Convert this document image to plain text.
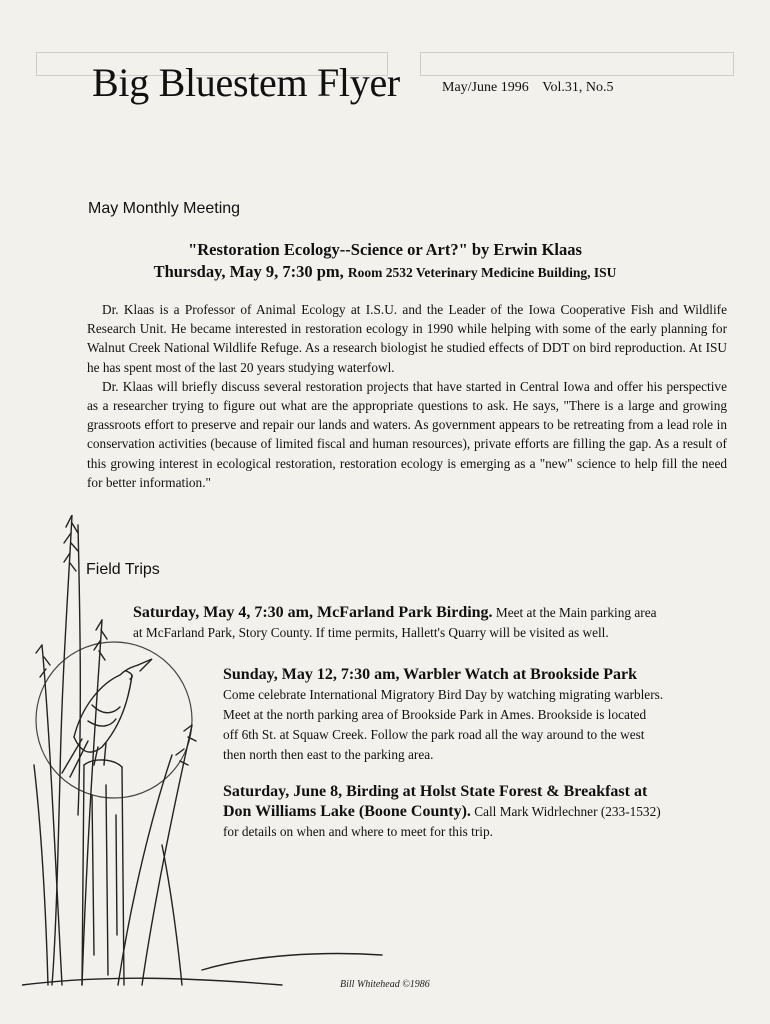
Big Bluestem Flyer	May/June 1996 Vol.31, No.5
May Monthly Meeting
"Restoration Ecology--Science or Art?" by Erwin Klaas
Thursday, May 9, 7:30 pm, Room 2532 Veterinary Medicine Building, ISU

Dr. Klaas is a Professor of Animal Ecology at I.S.U. and the Leader of the Iowa Cooperative Fish and Wildlife Research Unit. He became interested in restoration ecology in 1990 while helping with some of the early planning for Walnut Creek National Wildlife Refuge. As a research biologist he studied effects of DDT on bird reproduction. At ISU he has spent most of the last 20 years studying waterfowl.

Dr. Klaas will briefly discuss several restoration projects that have started in Central Iowa and offer his perspective as a researcher trying to figure out what are the appropriate questions to ask. He says, "There is a large and growing grassroots effort to preserve and repair our lands and waters. As government appears to be retreating from a lead role in conservation activities (because of limited fiscal and human resources), private efforts are filling the gap. As a result of this growing interest in ecological restoration, restoration ecology is emerging as a "new" science to help fill the need for better information."

Field Trips
Saturday, May 4, 7:30 am, McFarland Park Birding. Meet at the Main parking area
at McFarland Park, Story County. If time permits, Hallett's Quarry will be visited as well.
Sunday, May 12, 7:30 am, Warbler Watch at Brookside Park
Come celebrate International Migratory Bird Day by watching migrating warblers.
Meet at the north parking area of Brookside Park in Ames. Brookside is located
off 6th St. at Squaw Creek. Follow the park road all the way around to the west
then north then east to the parking area.
Saturday, June 8, Birding at Holst State Forest & Breakfast at
Don Williams Lake (Boone County). Call Mark Widrlechner (233-1532)
for details on when and where to meet for this trip.
Bill Whitehead ©1986
